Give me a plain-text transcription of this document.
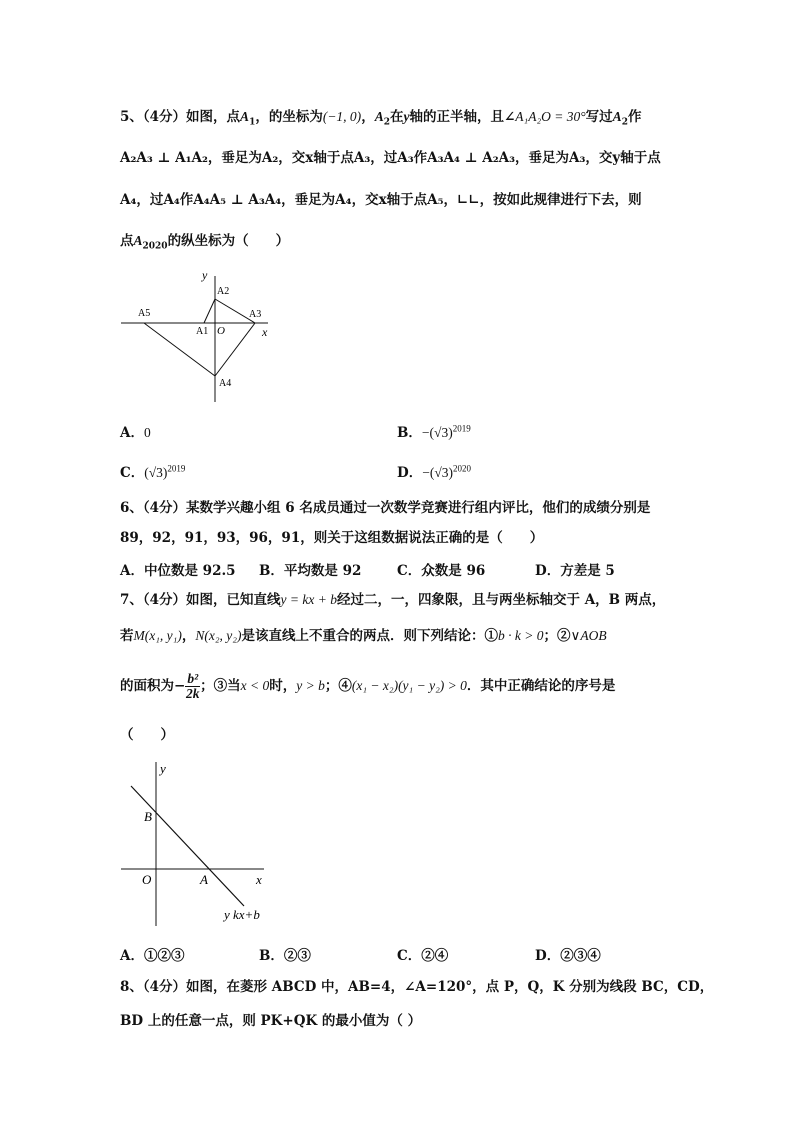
5、（4分）如图，点$A_1$，的坐标为(−1, 0)，$A_2$在y轴的正半轴，且∠A₁A₂O = 30°写过$A_2$作
A₂A₃ ⊥ A₁A₂，垂足为A₂，交x轴于点A₃，过A₃作A₃A₄ ⊥ A₂A₃，垂足为A₃，交y轴于点
A₄，过A₄作A₄A₅ ⊥ A₃A₄，垂足为A₄，交x轴于点A₅，∟∟，按如此规律进行下去，则
点$A_{2020}$的纵坐标为（　　）
y
x
O
A1
A2
A3
A4
A5
A．0	B．$-(√3)^{2019}$
C．$(√3)^{2019}$	D．$-(√3)^{2020}$
6、（4分）某数学兴趣小组 6 名成员通过一次数学竞赛进行组内评比，他们的成绩分别是
89，92，91，93，96，91，则关于这组数据说法正确的是（　　）
A．中位数是 92.5 B．平均数是 92	C．众数是 96	D．方差是 5
7、（4分）如图，已知直线y = kx + b经过二，一，四象限，且与两坐标轴交于 A，B 两点，
若M(x₁, y₁)，N(x₂, y₂)是该直线上不重合的两点．则下列结论：①b · k > 0；②∨AOB
的面积为− $\frac{\text{b²}}{2k}$ ；③当x < 0时，y > b；④(x₁ − x₂)(y₁ − y₂) > 0．其中正确结论的序号是
（　　）
y
x
O	A
B
y kx+b
A．①②③	B．②③	C．②④	D．②③④
8、（4分）如图，在菱形 ABCD 中，AB=4，∠A=120°，点 P，Q，K 分别为线段 BC，CD，
BD 上的任意一点，则 PK+QK 的最小值为（ ）
